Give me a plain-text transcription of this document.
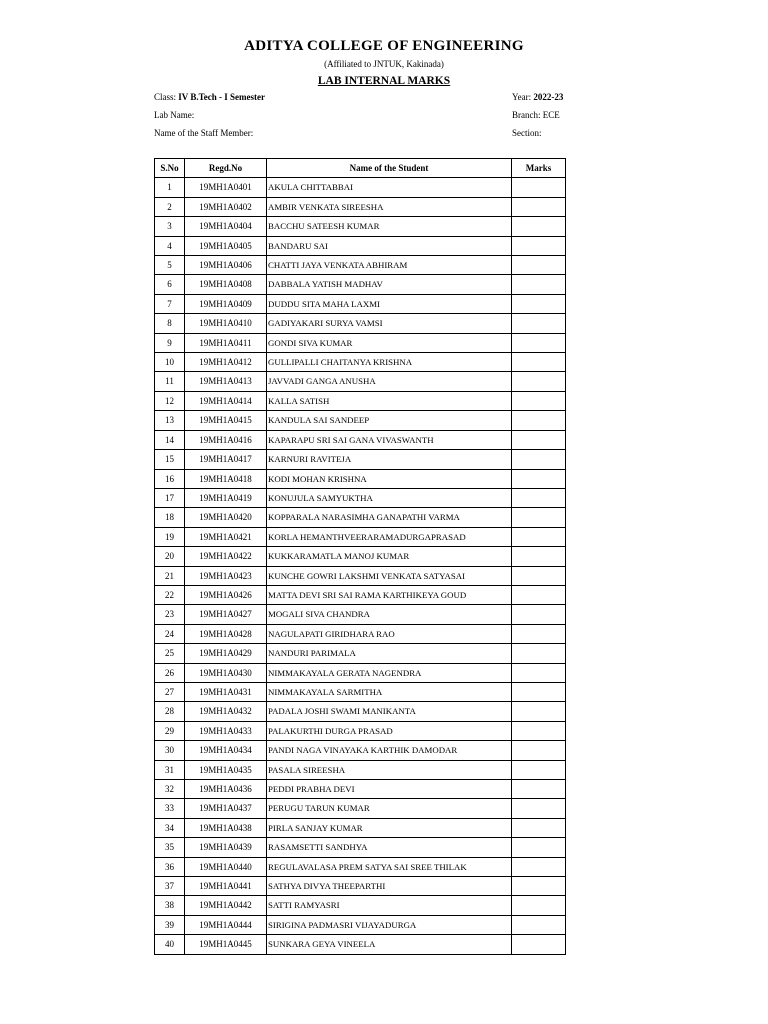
ADITYA COLLEGE OF ENGINEERING
(Affiliated to JNTUK, Kakinada)
LAB INTERNAL MARKS
Class: IV B.Tech - I Semester	Year: 2022-23
Lab Name:	Branch: ECE
Name of the Staff Member:	Section:
S.No	Regd.No	Name of the Student	Marks
1	19MH1A0401	AKULA CHITTABBAI	
2	19MH1A0402	AMBIR VENKATA SIREESHA	
3	19MH1A0404	BACCHU SATEESH KUMAR	
4	19MH1A0405	BANDARU SAI	
5	19MH1A0406	CHATTI JAYA VENKATA ABHIRAM	
6	19MH1A0408	DABBALA YATISH MADHAV	
7	19MH1A0409	DUDDU SITA MAHA LAXMI	
8	19MH1A0410	GADIYAKARI SURYA VAMSI	
9	19MH1A0411	GONDI SIVA KUMAR	
10	19MH1A0412	GULLIPALLI CHAITANYA KRISHNA	
11	19MH1A0413	JAVVADI GANGA ANUSHA	
12	19MH1A0414	KALLA SATISH	
13	19MH1A0415	KANDULA SAI SANDEEP	
14	19MH1A0416	KAPARAPU SRI SAI GANA VIVASWANTH	
15	19MH1A0417	KARNURI RAVITEJA	
16	19MH1A0418	KODI MOHAN KRISHNA	
17	19MH1A0419	KONUJULA SAMYUKTHA	
18	19MH1A0420	KOPPARALA NARASIMHA GANAPATHI VARMA	
19	19MH1A0421	KORLA HEMANTHVEERARAMADURGAPRASAD	
20	19MH1A0422	KUKKARAMATLA MANOJ KUMAR	
21	19MH1A0423	KUNCHE GOWRI LAKSHMI VENKATA SATYASAI	
22	19MH1A0426	MATTA DEVI SRI SAI RAMA KARTHIKEYA GOUD	
23	19MH1A0427	MOGALI SIVA CHANDRA	
24	19MH1A0428	NAGULAPATI GIRIDHARA RAO	
25	19MH1A0429	NANDURI PARIMALA	
26	19MH1A0430	NIMMAKAYALA GERATA NAGENDRA	
27	19MH1A0431	NIMMAKAYALA SARMITHA	
28	19MH1A0432	PADALA JOSHI SWAMI MANIKANTA	
29	19MH1A0433	PALAKURTHI DURGA PRASAD	
30	19MH1A0434	PANDI NAGA VINAYAKA KARTHIK DAMODAR	
31	19MH1A0435	PASALA SIREESHA	
32	19MH1A0436	PEDDI PRABHA DEVI	
33	19MH1A0437	PERUGU TARUN KUMAR	
34	19MH1A0438	PIRLA SANJAY KUMAR	
35	19MH1A0439	RASAMSETTI SANDHYA	
36	19MH1A0440	REGULAVALASA PREM SATYA SAI SREE THILAK	
37	19MH1A0441	SATHYA DIVYA THEEPARTHI	
38	19MH1A0442	SATTI RAMYASRI	
39	19MH1A0444	SIRIGINA PADMASRI VIJAYADURGA	
40	19MH1A0445	SUNKARA GEYA VINEELA	
